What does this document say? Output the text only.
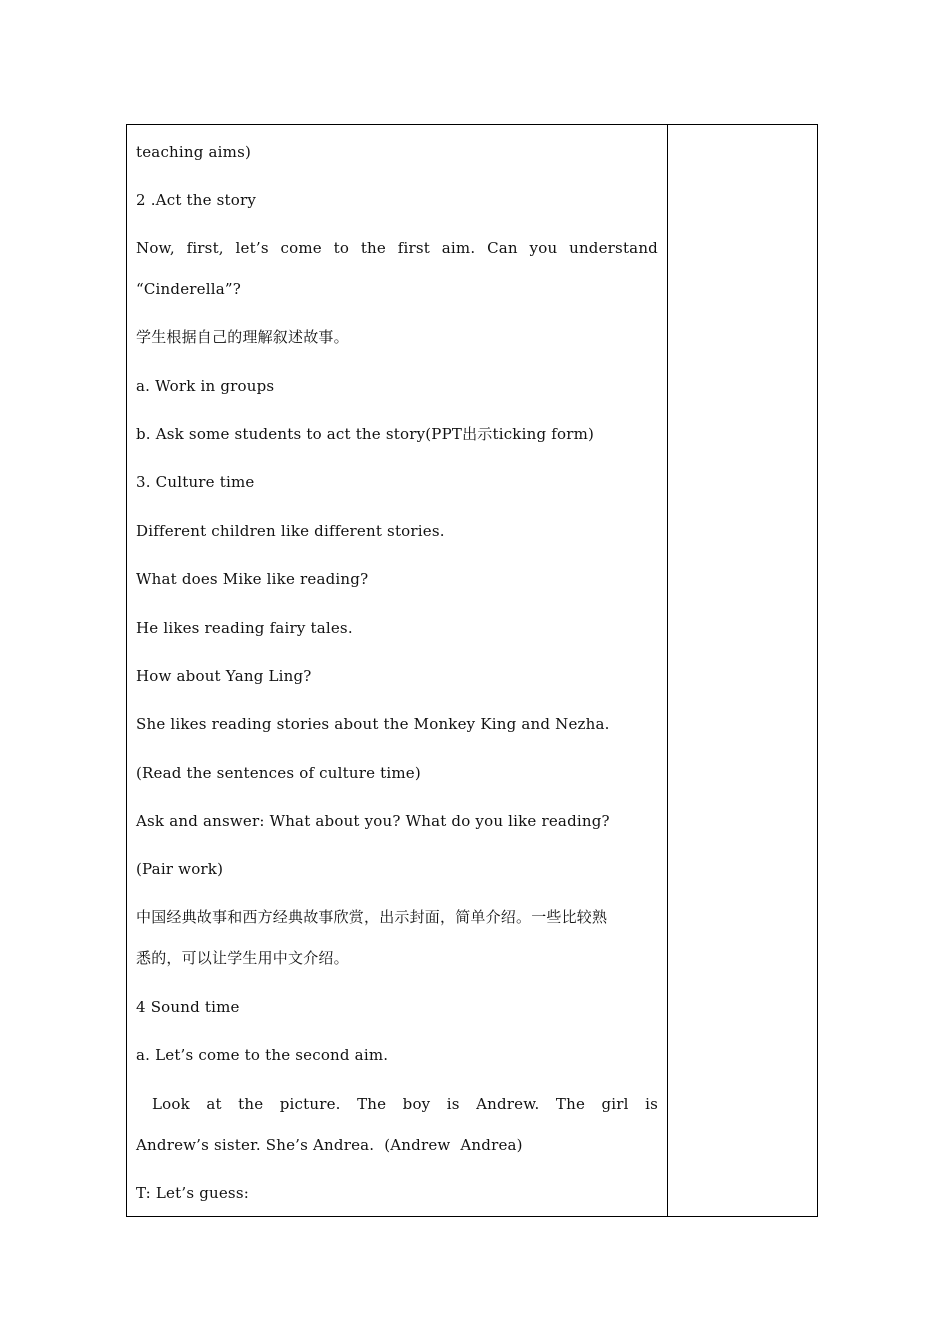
teaching aims)
2 .Act the story
Now, first, let’s come to the first aim. Can you understand
“Cinderella”?
学生根据自己的理解叙述故事。
a. Work in groups
b. Ask some students to act the story(PPT出示ticking form)
3. Culture time
Different children like different stories.
What does Mike like reading?
He likes reading fairy tales.
How about Yang Ling?
She likes reading stories about the Monkey King and Nezha.
(Read the sentences of culture time)
Ask and answer: What about you? What do you like reading?
(Pair work)
中国经典故事和西方经典故事欣赏，出示封面，简单介绍。一些比较熟
悉的，可以让学生用中文介绍。
4 Sound time
a. Let’s come to the second aim.
Look at the picture. The boy is Andrew. The girl is
Andrew’s sister. She’s Andrea.  (Andrew  Andrea)
T: Let’s guess:
